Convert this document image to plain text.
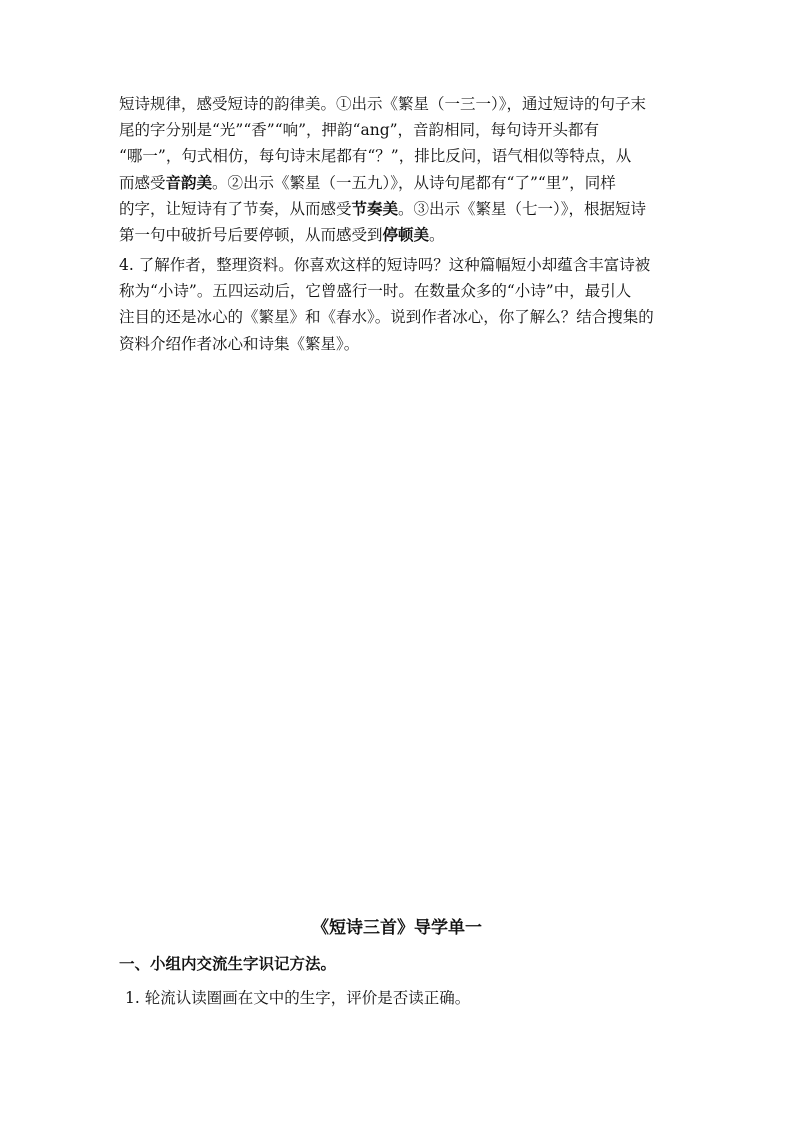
短诗规律，感受短诗的韵律美。①出示《繁星（一三一）》，通过短诗的句子末
尾的字分别是“光”“香”“响”，押韵“ang”，音韵相同，每句诗开头都有
“哪一”，句式相仿，每句诗末尾都有“？”，排比反问，语气相似等特点，从
而感受音韵美。②出示《繁星（一五九）》，从诗句尾都有“了”“里”，同样
的字，让短诗有了节奏，从而感受节奏美。③出示《繁星（七一）》，根据短诗
第一句中破折号后要停顿，从而感受到停顿美。
4. 了解作者，整理资料。你喜欢这样的短诗吗？这种篇幅短小却蕴含丰富诗被
称为“小诗”。五四运动后，它曾盛行一时。在数量众多的“小诗”中，最引人
注目的还是冰心的《繁星》和《春水》。说到作者冰心，你了解么？结合搜集的
资料介绍作者冰心和诗集《繁星》。
《短诗三首》导学单一
一、小组内交流生字识记方法。
1. 轮流认读圈画在文中的生字，评价是否读正确。
